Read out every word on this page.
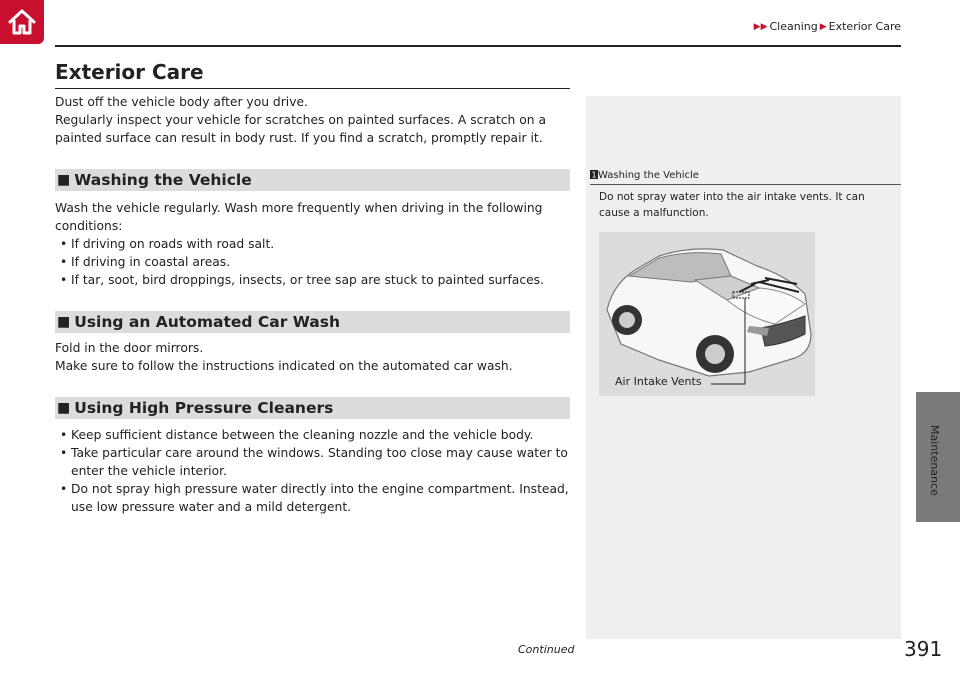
▶▶ Cleaning ▶ Exterior Care
Maintenance
Exterior Care

Dust off the vehicle body after you drive.

Regularly inspect your vehicle for scratches on painted surfaces. A scratch on a

painted surface can result in body rust. If you find a scratch, promptly repair it.

■ Washing the Vehicle

Wash the vehicle regularly. Wash more frequently when driving in the following

conditions:

• If driving on roads with road salt.
• If driving in coastal areas.
• If tar, soot, bird droppings, insects, or tree sap are stuck to painted surfaces.
■ Using an Automated Car Wash

Fold in the door mirrors.

Make sure to follow the instructions indicated on the automated car wash.

■ Using High Pressure Cleaners
• Keep sufficient distance between the cleaning nozzle and the vehicle body.
• Take particular care around the windows. Standing too close may cause water to enter the vehicle interior.
• Do not spray high pressure water directly into the engine compartment. Instead, use low pressure water and a mild detergent.
1 Washing the Vehicle

Do not spray water into the air intake vents. It can cause a malfunction.

Air Intake Vents
Continued	391
